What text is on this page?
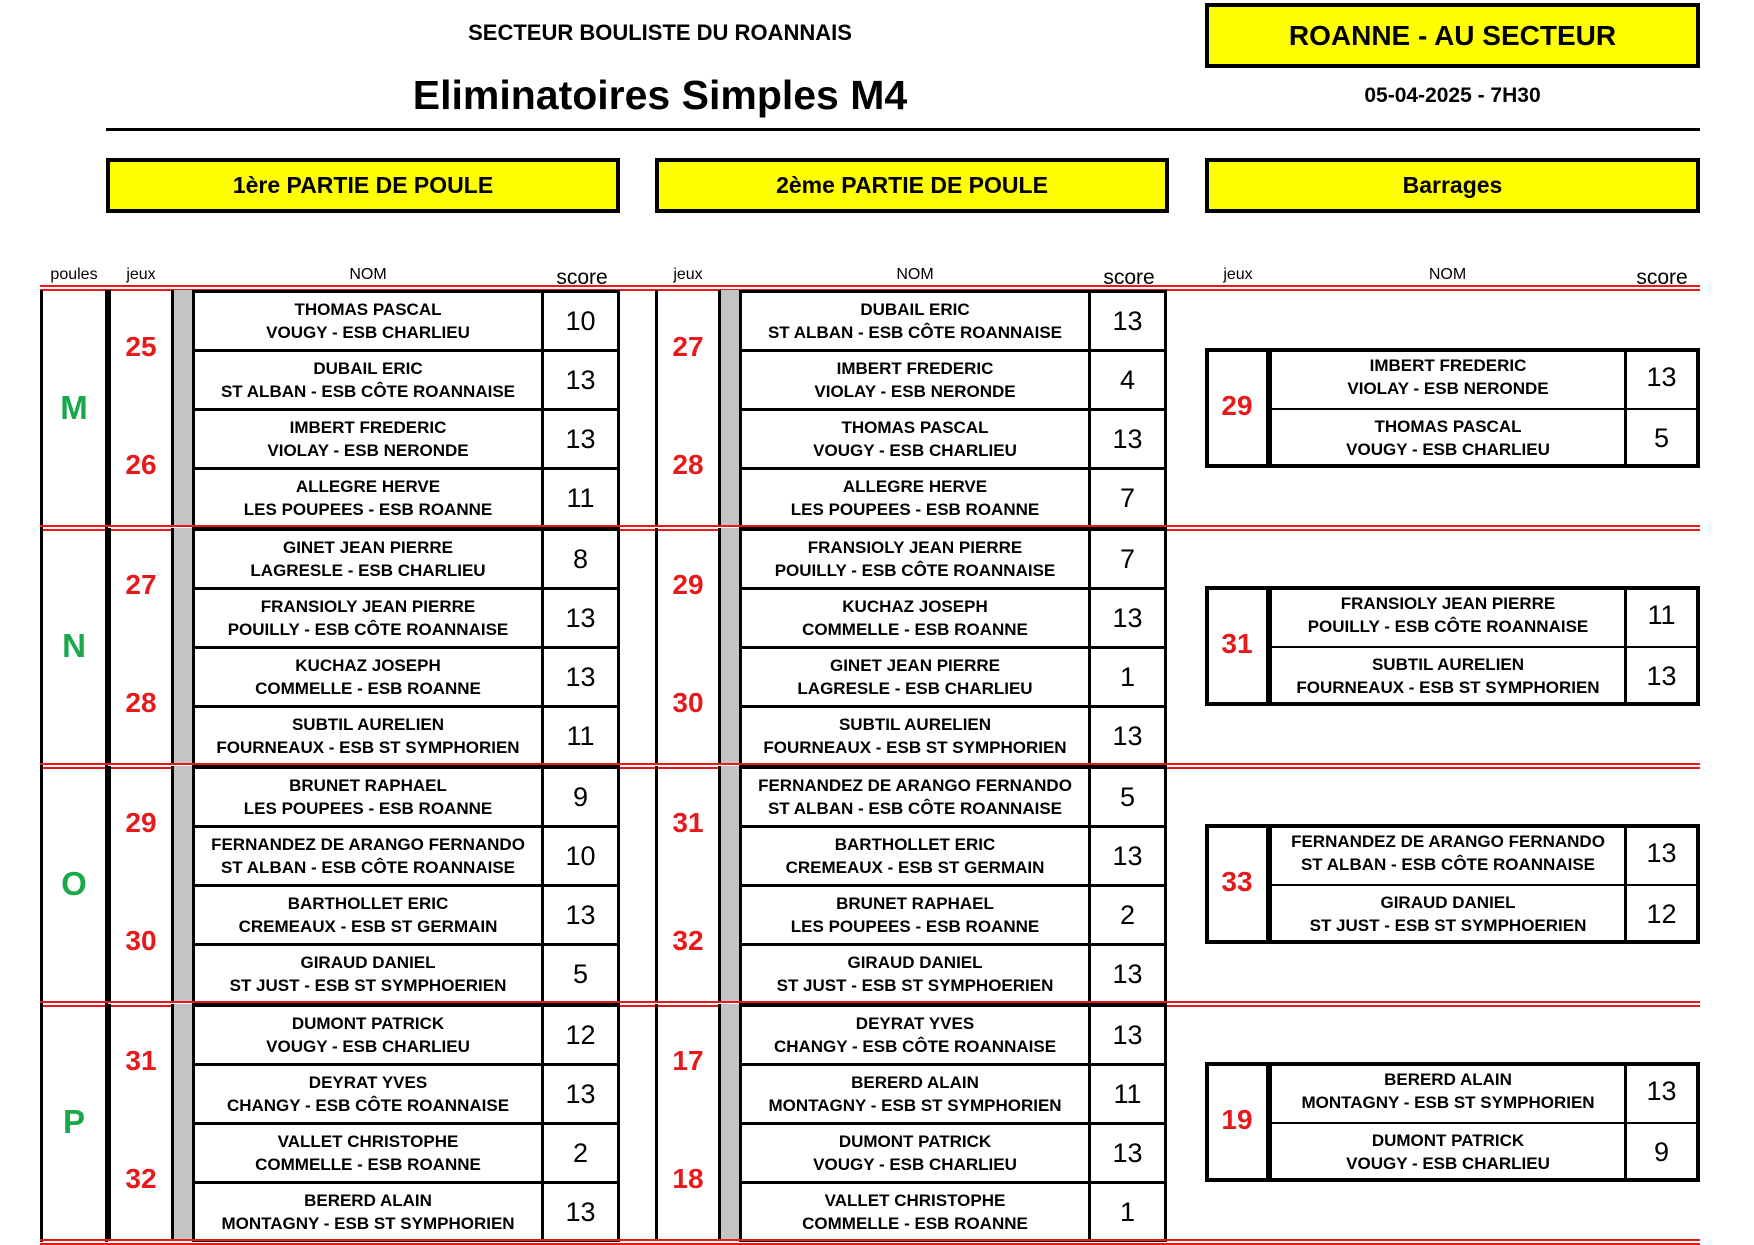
SECTEUR BOULISTE DU ROANNAIS
Eliminatoires Simples M4
ROANNE - AU SECTEUR
05-04-2025 - 7H30
1ère PARTIE DE POULE	2ème PARTIE DE POULE	Barrages
poules	jeux	NOM	score	jeux	NOM	score	jeux	NOM	score
M
25
THOMAS PASCAL
VOUGY - ESB CHARLIEU	10
DUBAIL ERIC
ST ALBAN - ESB CÔTE ROANNAISE	13
26
IMBERT FREDERIC
VIOLAY - ESB NERONDE	13
ALLEGRE HERVE
LES POUPEES - ESB ROANNE	11
27
DUBAIL ERIC
ST ALBAN - ESB CÔTE ROANNAISE	13
IMBERT FREDERIC
VIOLAY - ESB NERONDE	4
28
THOMAS PASCAL
VOUGY - ESB CHARLIEU	13
ALLEGRE HERVE
LES POUPEES - ESB ROANNE	7
29
IMBERT FREDERIC
VIOLAY - ESB NERONDE	13
THOMAS PASCAL
VOUGY - ESB CHARLIEU	5
N
27
GINET JEAN PIERRE
LAGRESLE - ESB CHARLIEU	8
FRANSIOLY JEAN PIERRE
POUILLY - ESB CÔTE ROANNAISE	13
28
KUCHAZ JOSEPH
COMMELLE - ESB ROANNE	13
SUBTIL AURELIEN
FOURNEAUX - ESB ST SYMPHORIEN	11
29
FRANSIOLY JEAN PIERRE
POUILLY - ESB CÔTE ROANNAISE	7
KUCHAZ JOSEPH
COMMELLE - ESB ROANNE	13
30
GINET JEAN PIERRE
LAGRESLE - ESB CHARLIEU	1
SUBTIL AURELIEN
FOURNEAUX - ESB ST SYMPHORIEN	13
31
FRANSIOLY JEAN PIERRE
POUILLY - ESB CÔTE ROANNAISE	11
SUBTIL AURELIEN
FOURNEAUX - ESB ST SYMPHORIEN	13
O
29
BRUNET RAPHAEL
LES POUPEES - ESB ROANNE	9
FERNANDEZ DE ARANGO FERNANDO
ST ALBAN - ESB CÔTE ROANNAISE	10
30
BARTHOLLET ERIC
CREMEAUX - ESB ST GERMAIN	13
GIRAUD DANIEL
ST JUST - ESB ST SYMPHOERIEN	5
31
FERNANDEZ DE ARANGO FERNANDO
ST ALBAN - ESB CÔTE ROANNAISE	5
BARTHOLLET ERIC
CREMEAUX - ESB ST GERMAIN	13
32
BRUNET RAPHAEL
LES POUPEES - ESB ROANNE	2
GIRAUD DANIEL
ST JUST - ESB ST SYMPHOERIEN	13
33
FERNANDEZ DE ARANGO FERNANDO
ST ALBAN - ESB CÔTE ROANNAISE	13
GIRAUD DANIEL
ST JUST - ESB ST SYMPHOERIEN	12
P
31
DUMONT PATRICK
VOUGY - ESB CHARLIEU	12
DEYRAT YVES
CHANGY - ESB CÔTE ROANNAISE	13
32
VALLET CHRISTOPHE
COMMELLE - ESB ROANNE	2
BERERD ALAIN
MONTAGNY - ESB ST SYMPHORIEN	13
17
DEYRAT YVES
CHANGY - ESB CÔTE ROANNAISE	13
BERERD ALAIN
MONTAGNY - ESB ST SYMPHORIEN	11
18
DUMONT PATRICK
VOUGY - ESB CHARLIEU	13
VALLET CHRISTOPHE
COMMELLE - ESB ROANNE	1
19
BERERD ALAIN
MONTAGNY - ESB ST SYMPHORIEN	13
DUMONT PATRICK
VOUGY - ESB CHARLIEU	9
